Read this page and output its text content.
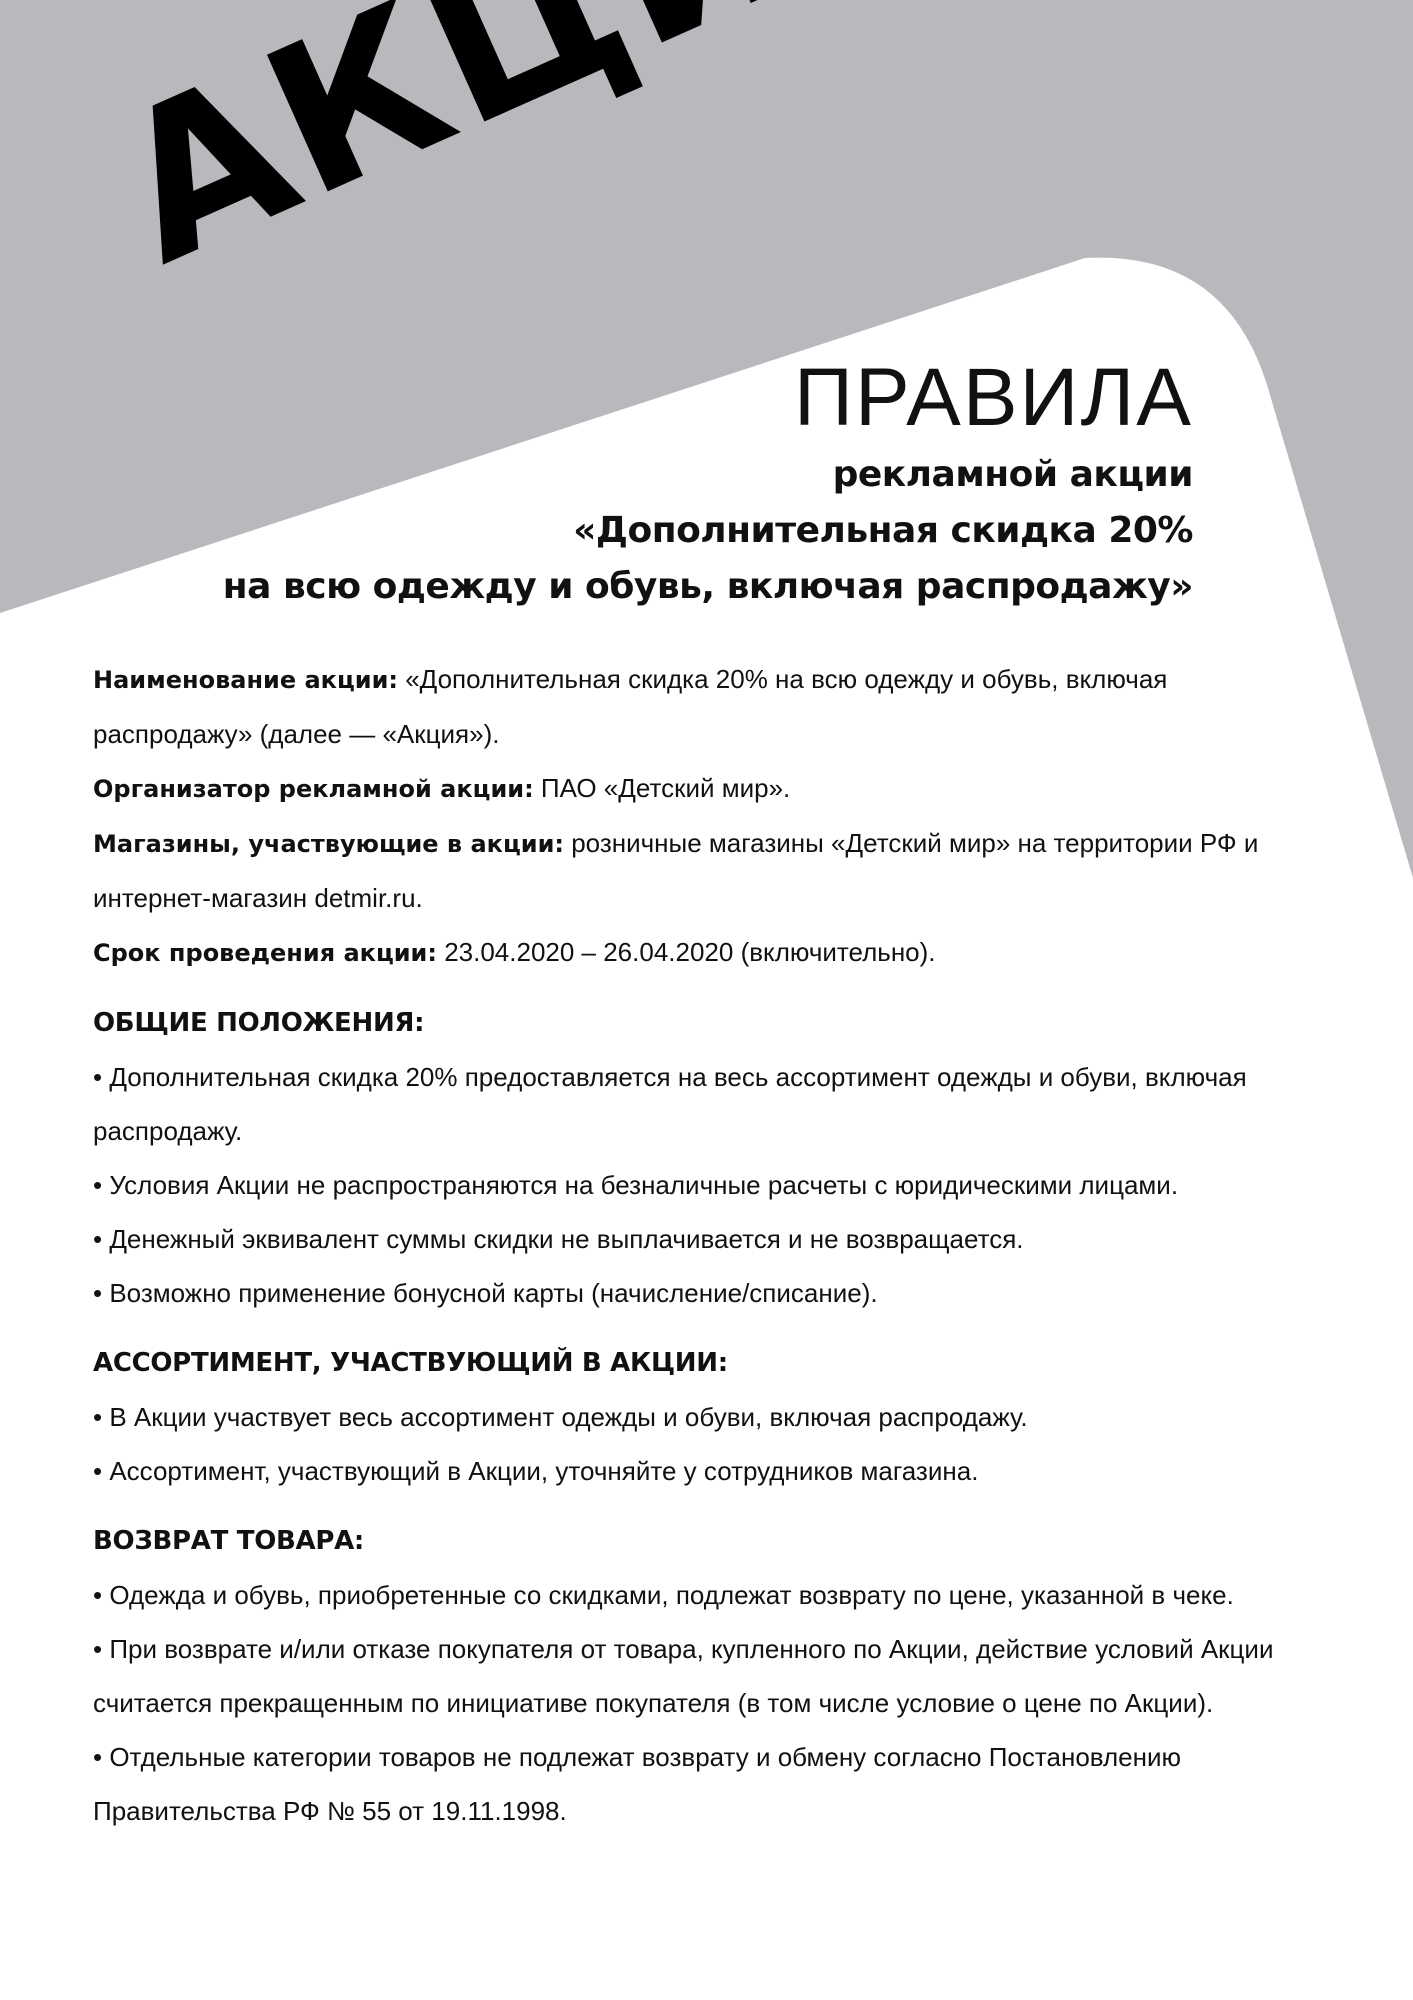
ПРАВИЛА
рекламной акции
«Дополнительная скидка 20%
на всю одежду и обувь, включая распродажу»
Наименование акции: «Дополнительная скидка 20% на всю одежду и обувь, включая
распродажу» (далее — «Акция»).
Организатор рекламной акции: ПАО «Детский мир».
Магазины, участвующие в акции: розничные магазины «Детский мир» на территории РФ и
интернет-магазин detmir.ru.
Срок проведения акции: 23.04.2020 – 26.04.2020 (включительно).
ОБЩИЕ ПОЛОЖЕНИЯ:
• Дополнительная скидка 20% предоставляется на весь ассортимент одежды и обуви, включая
распродажу.
• Условия Акции не распространяются на безналичные расчеты с юридическими лицами.
• Денежный эквивалент суммы скидки не выплачивается и не возвращается.
• Возможно применение бонусной карты (начисление/списание).
АССОРТИМЕНТ, УЧАСТВУЮЩИЙ В АКЦИИ:
• В Акции участвует весь ассортимент одежды и обуви, включая распродажу.
• Ассортимент, участвующий в Акции, уточняйте у сотрудников магазина.
ВОЗВРАТ ТОВАРА:
• Одежда и обувь, приобретенные со скидками, подлежат возврату по цене, указанной в чеке.
• При возврате и/или отказе покупателя от товара, купленного по Акции, действие условий Акции
считается прекращенным по инициативе покупателя (в том числе условие о цене по Акции).
• Отдельные категории товаров не подлежат возврату и обмену согласно Постановлению
Правительства РФ № 55 от 19.11.1998.
